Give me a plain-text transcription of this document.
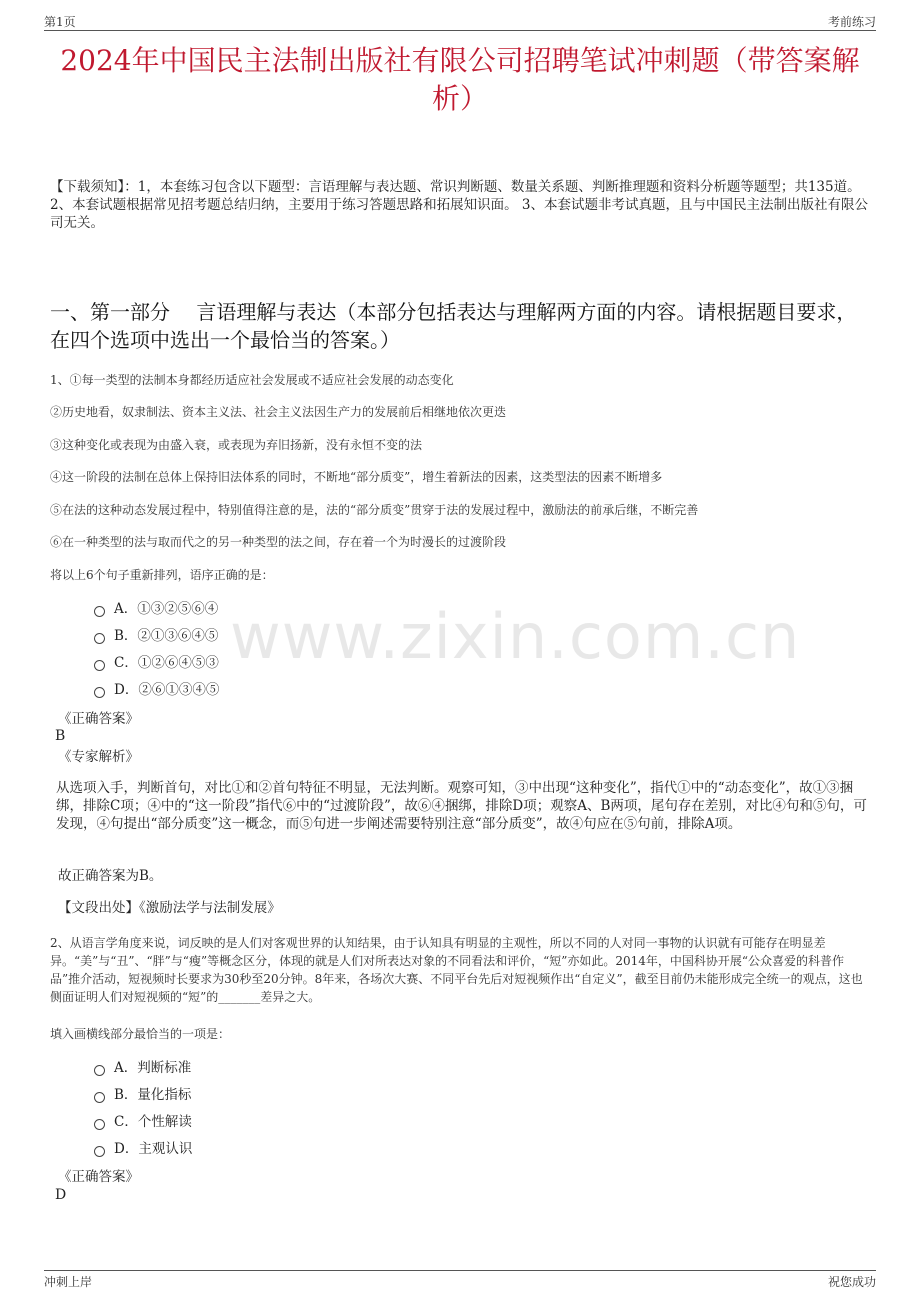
第1页	考前练习
2024年中国民主法制出版社有限公司招聘笔试冲刺题（带答案解析）
【下载须知】：1，本套练习包含以下题型：言语理解与表达题、常识判断题、数量关系题、判断推理题和资料分析题等题型；共135道。 2、本套试题根据常见招考题总结归纳，主要用于练习答题思路和拓展知识面。 3、本套试题非考试真题，且与中国民主法制出版社有限公司无关。
一、第一部分　 言语理解与表达（本部分包括表达与理解两方面的内容。请根据题目要求，在四个选项中选出一个最恰当的答案。）
1、①每一类型的法制本身都经历适应社会发展或不适应社会发展的动态变化
②历史地看，奴隶制法、资本主义法、社会主义法因生产力的发展前后相继地依次更迭
③这种变化或表现为由盛入衰，或表现为弃旧扬新，没有永恒不变的法
④这一阶段的法制在总体上保持旧法体系的同时，不断地“部分质变”，增生着新法的因素，这类型法的因素不断增多
⑤在法的这种动态发展过程中，特别值得注意的是，法的“部分质变”贯穿于法的发展过程中，激励法的前承后继，不断完善
⑥在一种类型的法与取而代之的另一种类型的法之间，存在着一个为时漫长的过渡阶段
将以上6个句子重新排列，语序正确的是：
A．①③②⑤⑥④
B．②①③⑥④⑤
C．①②⑥④⑤③
D．②⑥①③④⑤
《正确答案》
B
《专家解析》
从选项入手，判断首句，对比①和②首句特征不明显，无法判断。观察可知，③中出现“这种变化”，指代①中的“动态变化”，故①③捆绑，排除C项；④中的“这一阶段”指代⑥中的“过渡阶段”，故⑥④捆绑，排除D项；观察A、B两项，尾句存在差别，对比④句和⑤句，可发现，④句提出“部分质变”这一概念，而⑤句进一步阐述需要特别注意“部分质变”，故④句应在⑤句前，排除A项。
故正确答案为B。
【文段出处】《激励法学与法制发展》
2、从语言学角度来说，词反映的是人们对客观世界的认知结果，由于认知具有明显的主观性，所以不同的人对同一事物的认识就有可能存在明显差异。“美”与“丑”、“胖”与“瘦”等概念区分，体现的就是人们对所表达对象的不同看法和评价，“短”亦如此。2014年，中国科协开展“公众喜爱的科普作品”推介活动，短视频时长要求为30秒至20分钟。8年来，各场次大赛、不同平台先后对短视频作出“自定义”，截至目前仍未能形成完全统一的观点，这也侧面证明人们对短视频的“短”的_______差异之大。
填入画横线部分最恰当的一项是：
A．判断标准
B．量化指标
C．个性解读
D．主观认识
《正确答案》
D
www.zixin.com.cn
冲刺上岸	祝您成功
